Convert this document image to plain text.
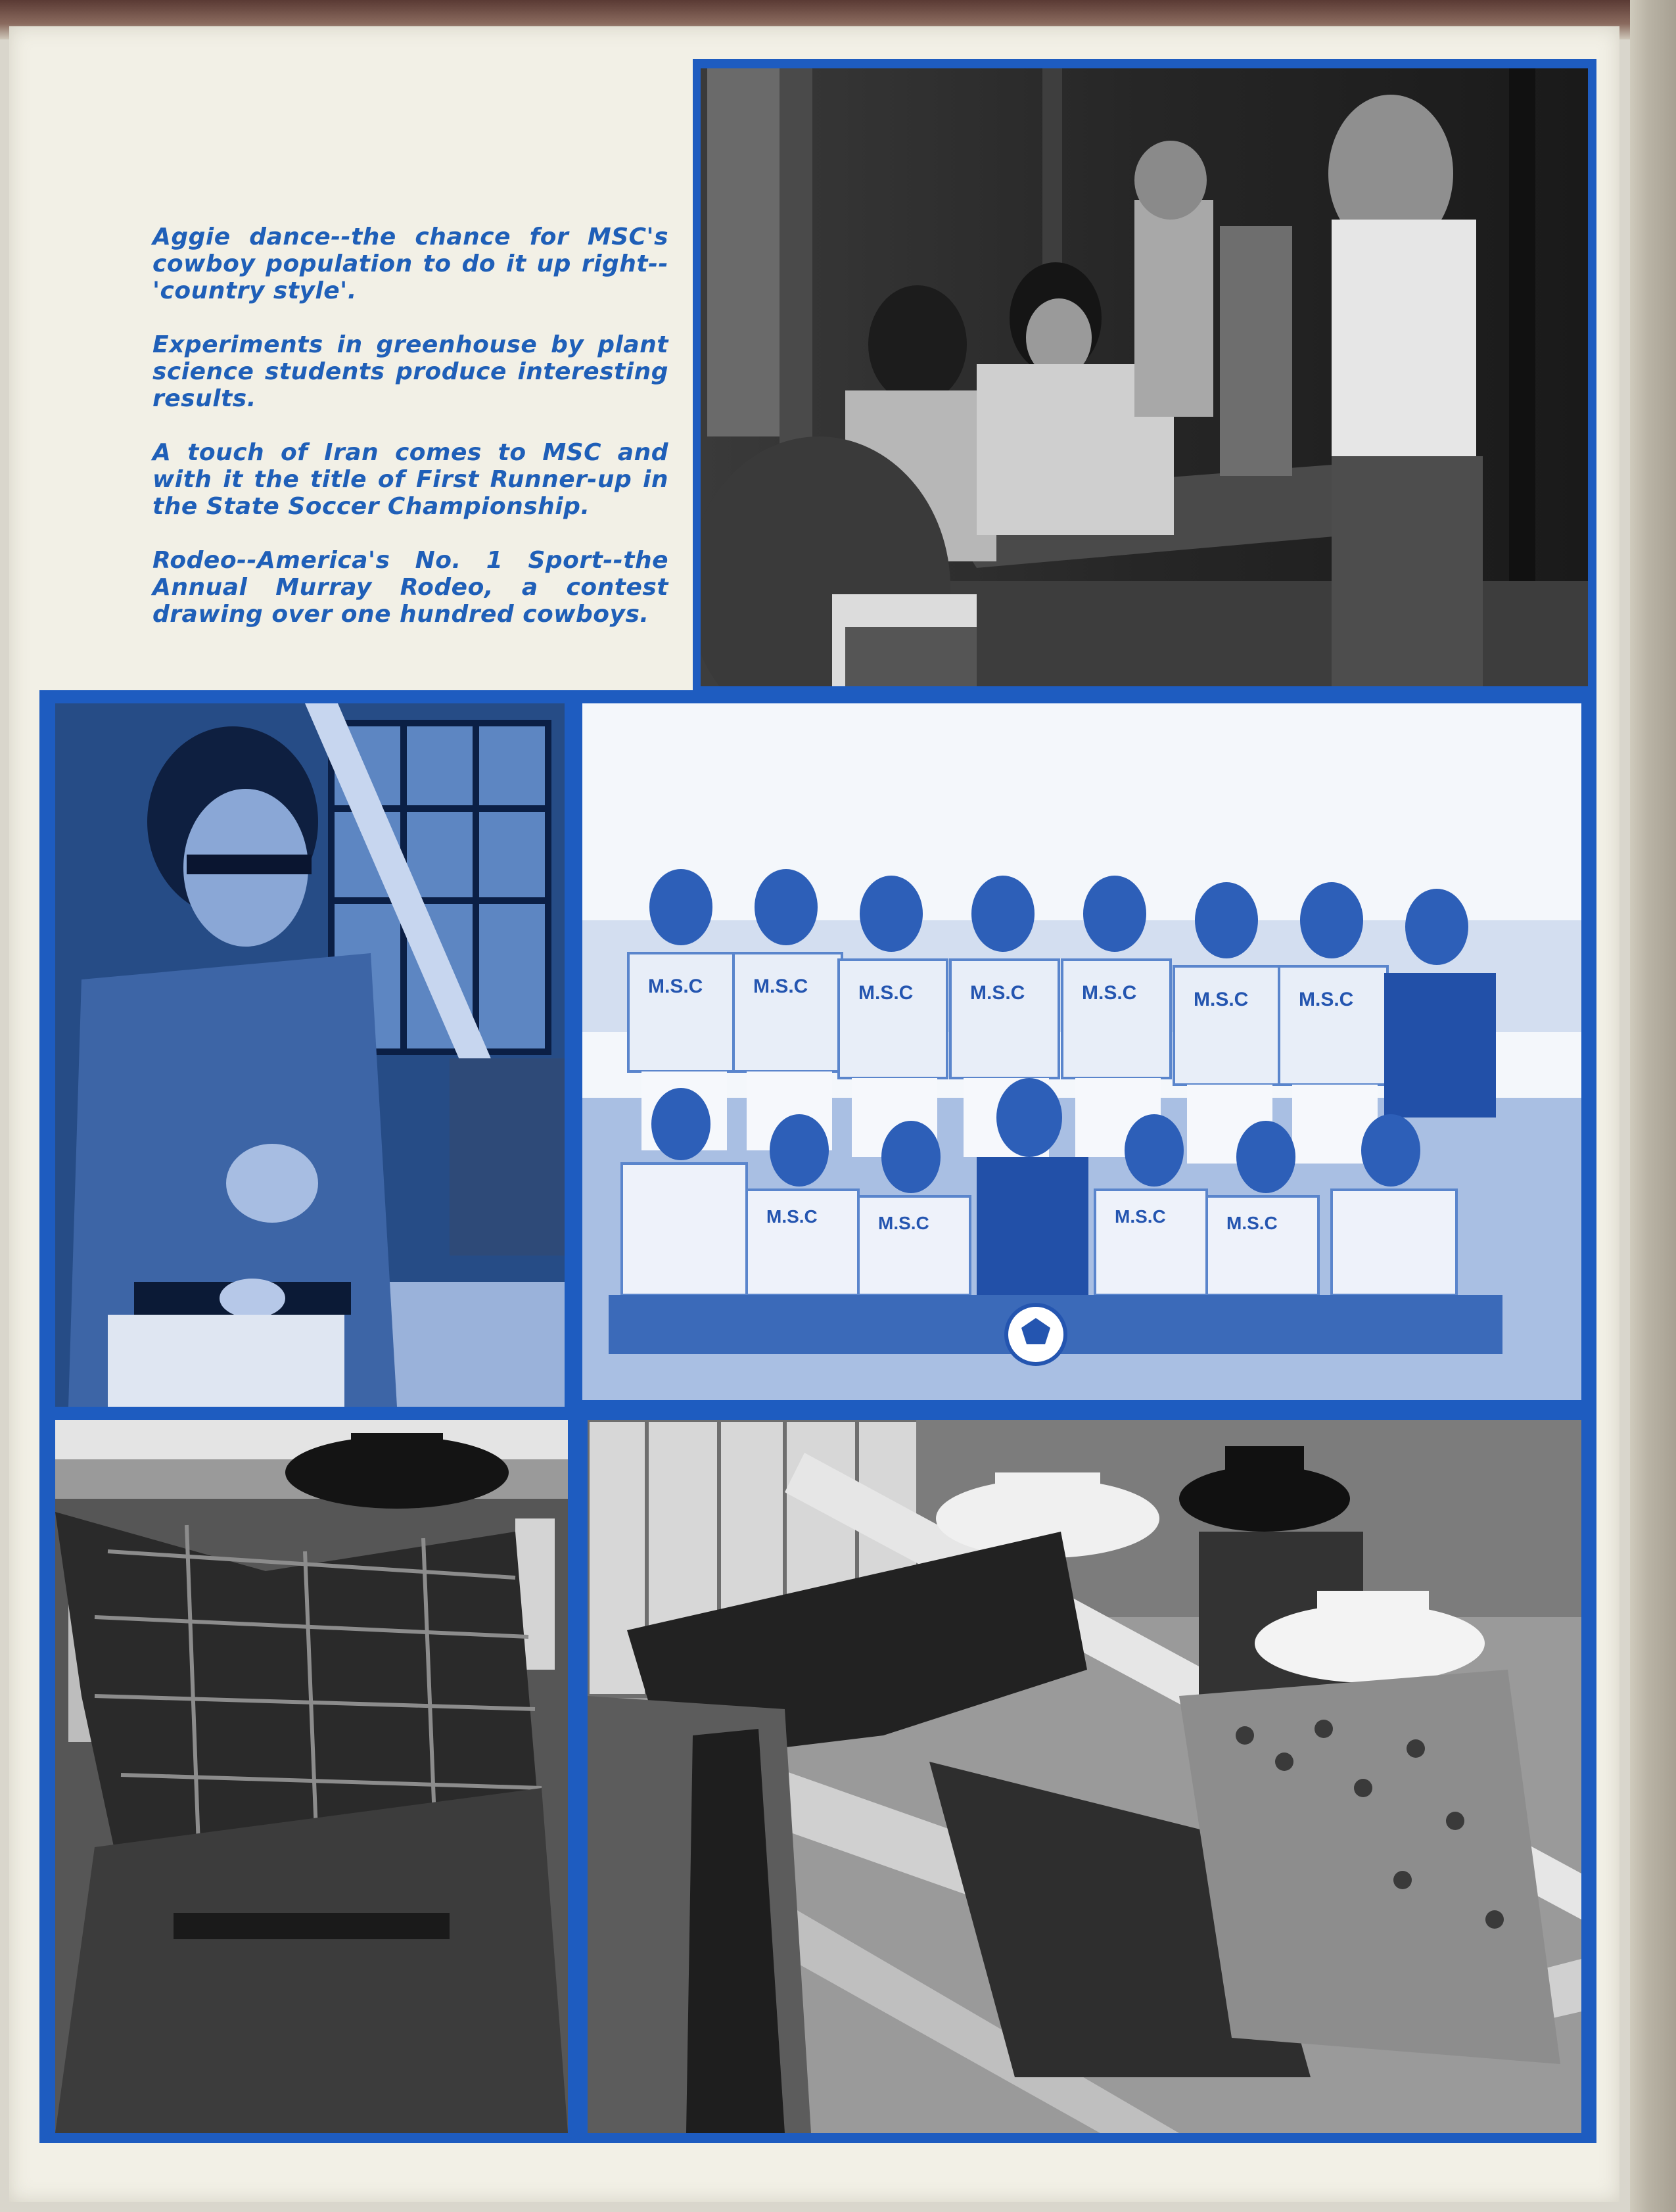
Aggie dance--the chance for MSC's cowboy population to do it up right--'country style'.

Experiments in greenhouse by plant science students produce interesting results.

A touch of Iran comes to MSC and with it the title of First Runner-up in the State Soccer Championship.

Rodeo--America's No. 1 Sport--the Annual Murray Rodeo, a contest drawing over one hundred cowboys.

M.S.C	M.S.C	M.S.C	M.S.C	M.S.C	M.S.C	M.S.C
M.S.C	M.S.C	M.S.C	M.S.C
